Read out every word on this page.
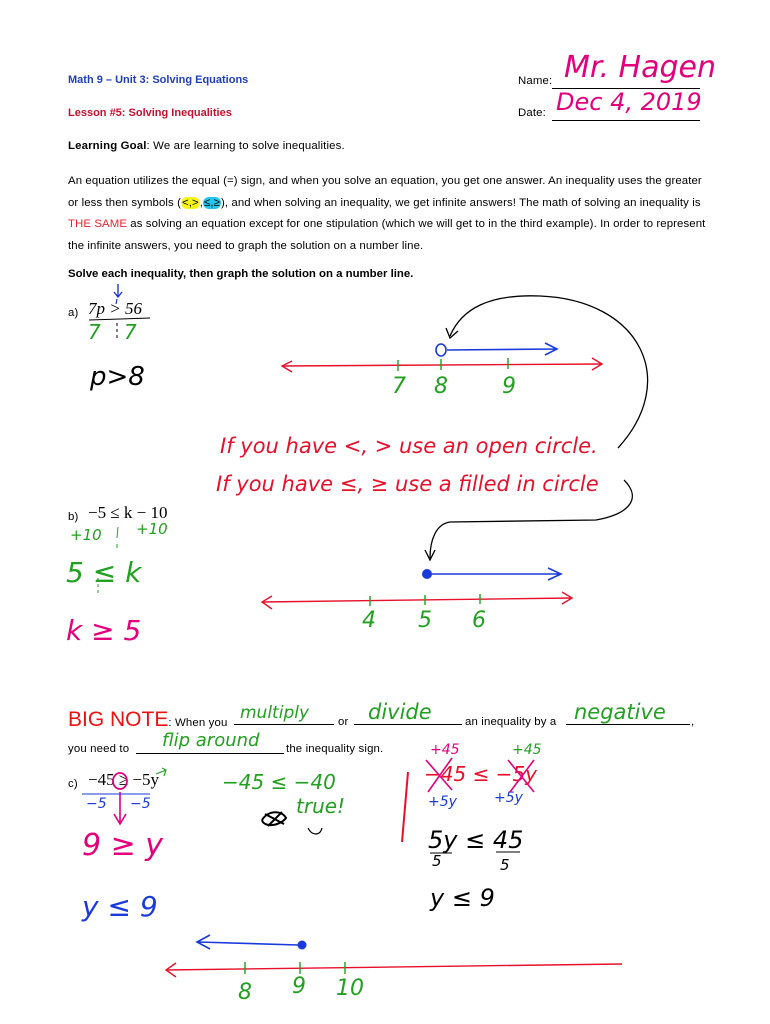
Math 9 – Unit 3: Solving Equations
Lesson #5: Solving Inequalities
Name: Mr. Hagen
Date: Dec 4, 2019
Learning Goal: We are learning to solve inequalities.
An equation utilizes the equal (=) sign, and when you solve an equation, you get one answer. An inequality uses the greater or less then symbols (<,>,≤,≥), and when solving an inequality, we get infinite answers! The math of solving an inequality is THE SAME as solving an equation except for one stipulation (which we will get to in the third example). In order to represent the infinite answers, you need to graph the solution on a number line.
Solve each inequality, then graph the solution on a number line.
a) 7p > 56
7 7
p>8	7 8 9
If you have <, > use an open circle.
If you have ≤, ≥ use a filled in circle
b) −5 ≤ k − 10
+10 +10
5 ≤ k
k ≥ 5	4 5 6
BIG NOTE: When you multiply	or divide	an inequality by a negative ,
you need to flip around the inequality sign.
c) −45 ≥ −5y
−5 −5
9 ≥ y
y ≤ 9
−45 ≤ −40
true!
+45	+45
−45 ≤ −5y
+5y	+5y
5y ≤ 45
5	5
y ≤ 9
8 9 10
